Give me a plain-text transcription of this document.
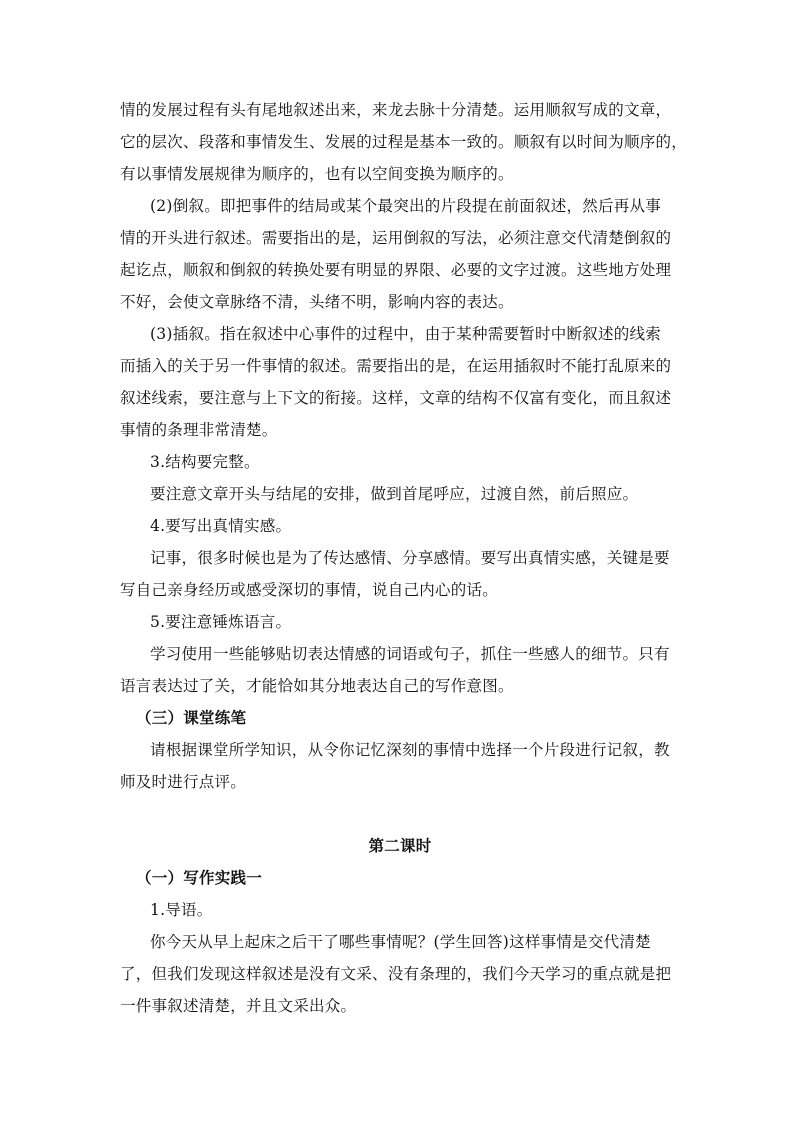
情的发展过程有头有尾地叙述出来，来龙去脉十分清楚。运用顺叙写成的文章，
它的层次、段落和事情发生、发展的过程是基本一致的。顺叙有以时间为顺序的，
有以事情发展规律为顺序的，也有以空间变换为顺序的。
(2)倒叙。即把事件的结局或某个最突出的片段提在前面叙述，然后再从事
情的开头进行叙述。需要指出的是，运用倒叙的写法，必须注意交代清楚倒叙的
起讫点，顺叙和倒叙的转换处要有明显的界限、必要的文字过渡。这些地方处理
不好，会使文章脉络不清，头绪不明，影响内容的表达。
(3)插叙。指在叙述中心事件的过程中，由于某种需要暂时中断叙述的线索
而插入的关于另一件事情的叙述。需要指出的是，在运用插叙时不能打乱原来的
叙述线索，要注意与上下文的衔接。这样，文章的结构不仅富有变化，而且叙述
事情的条理非常清楚。
3.结构要完整。
要注意文章开头与结尾的安排，做到首尾呼应，过渡自然，前后照应。
4.要写出真情实感。
记事，很多时候也是为了传达感情、分享感情。要写出真情实感，关键是要
写自己亲身经历或感受深切的事情，说自己内心的话。
5.要注意锤炼语言。
学习使用一些能够贴切表达情感的词语或句子，抓住一些感人的细节。只有
语言表达过了关，才能恰如其分地表达自己的写作意图。
（三）课堂练笔
请根据课堂所学知识，从令你记忆深刻的事情中选择一个片段进行记叙，教
师及时进行点评。
第二课时
（一）写作实践一
1.导语。
你今天从早上起床之后干了哪些事情呢？(学生回答)这样事情是交代清楚
了，但我们发现这样叙述是没有文采、没有条理的，我们今天学习的重点就是把
一件事叙述清楚，并且文采出众。
